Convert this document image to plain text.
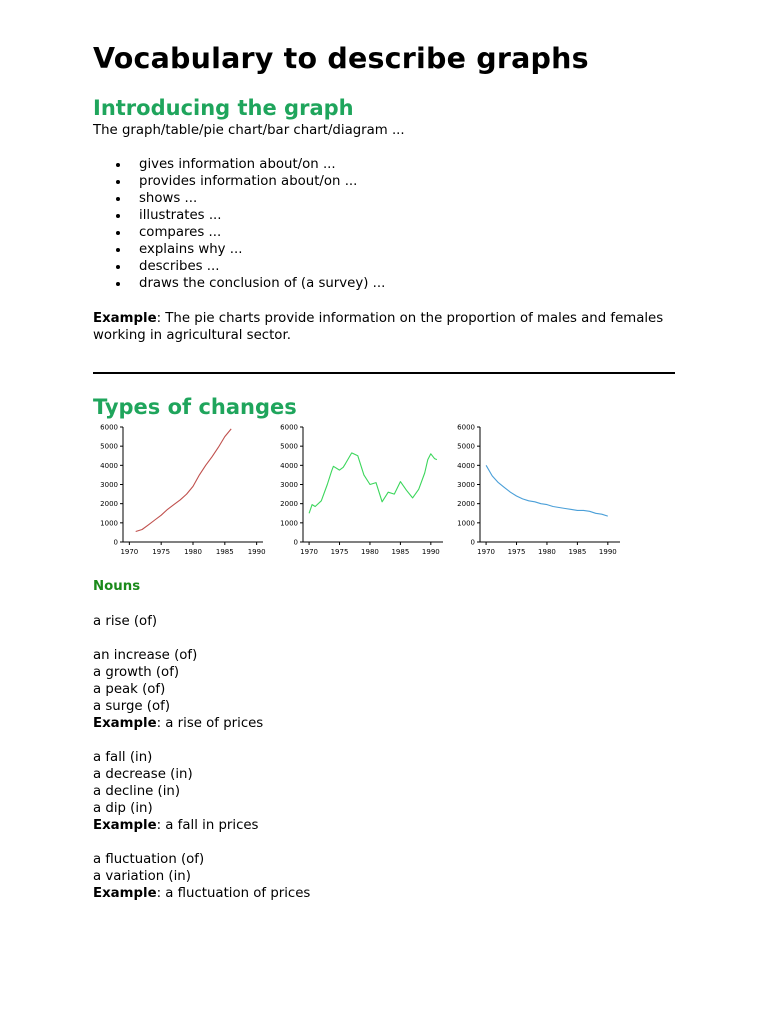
Vocabulary to describe graphs
Introducing the graph
The graph/table/pie chart/bar chart/diagram ...
gives information about/on ...
provides information about/on ...
shows ...
illustrates ...
compares ...
explains why ...
describes ...
draws the conclusion of (a survey) ...
Example: The pie charts provide information on the proportion of males and females working in agricultural sector.
Types of changes
0
1000
2000
3000
4000
5000
6000
1970 1975 1980 1985 1990
0
1000
2000
3000
4000
5000
6000
1970 1975 1980 1985 1990
0
1000
2000
3000
4000
5000
6000
1970 1975 1980 1985 1990
Nouns
a rise (of)
an increase (of)
a growth (of)
a peak (of)
a surge (of)
Example: a rise of prices
a fall (in)
a decrease (in)
a decline (in)
a dip (in)
Example: a fall in prices
a fluctuation (of)
a variation (in)
Example: a fluctuation of prices
